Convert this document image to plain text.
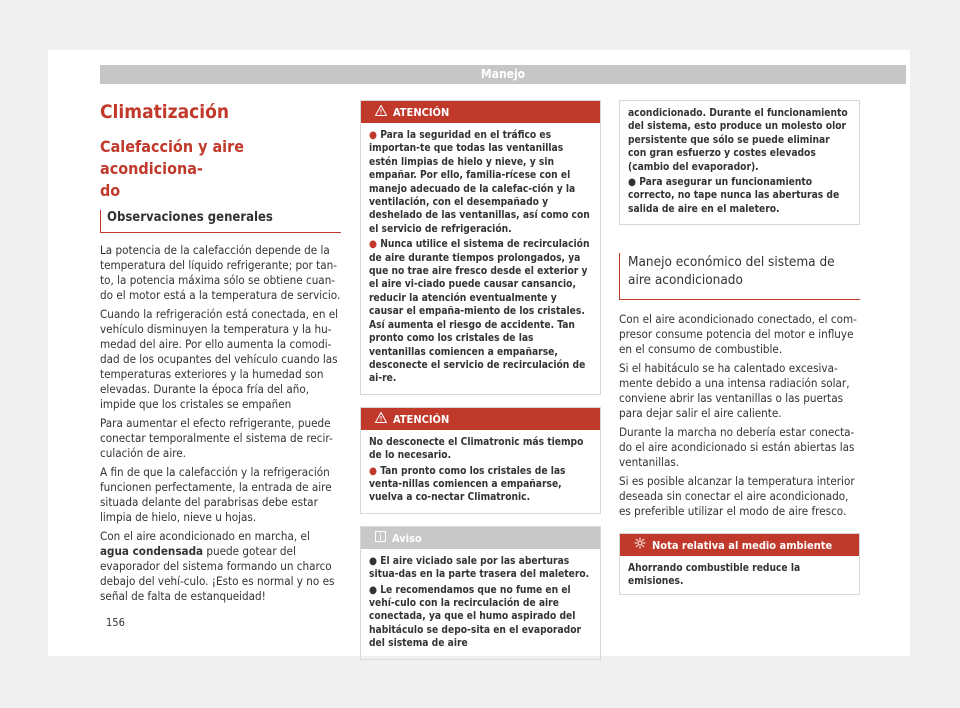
Manejo
Climatización
Calefacción y aire acondiciona-
do
Observaciones generales

La potencia de la calefacción depende de la temperatura del líquido refrigerante; por tan-to, la potencia máxima sólo se obtiene cuan-do el motor está a la temperatura de servicio.

Cuando la refrigeración está conectada, en el vehículo disminuyen la temperatura y la hu-medad del aire. Por ello aumenta la comodi-dad de los ocupantes del vehículo cuando las temperaturas exteriores y la humedad son elevadas. Durante la época fría del año, impide que los cristales se empañen

Para aumentar el efecto refrigerante, puede conectar temporalmente el sistema de recir-culación de aire.

A fin de que la calefacción y la refrigeración funcionen perfectamente, la entrada de aire situada delante del parabrisas debe estar limpia de hielo, nieve u hojas.

Con el aire acondicionado en marcha, el agua condensada puede gotear del evaporador del sistema formando un charco debajo del vehí-culo. ¡Esto es normal y no es señal de falta de estanqueidad!

ATENCIÓN

● Para la seguridad en el tráfico es importan-te que todas las ventanillas estén limpias de hielo y nieve, y sin empañar. Por ello, familia-rícese con el manejo adecuado de la calefac-ción y la ventilación, con el desempañado y deshelado de las ventanillas, así como con el servicio de refrigeración.

● Nunca utilice el sistema de recirculación de aire durante tiempos prolongados, ya que no trae aire fresco desde el exterior y el aire vi-ciado puede causar cansancio, reducir la atención eventualmente y causar el empaña-miento de los cristales. Así aumenta el riesgo de accidente. Tan pronto como los cristales de las ventanillas comiencen a empañarse, desconecte el servicio de recirculación de ai-re.

ATENCIÓN

No desconecte el Climatronic más tiempo de lo necesario.

● Tan pronto como los cristales de las venta-nillas comiencen a empañarse, vuelva a co-nectar Climatronic.

Aviso

● El aire viciado sale por las aberturas situa-das en la parte trasera del maletero.

● Le recomendamos que no fume en el vehí-culo con la recirculación de aire conectada, ya que el humo aspirado del habitáculo se depo-sita en el evaporador del sistema de aire

acondicionado. Durante el funcionamiento del sistema, esto produce un molesto olor persistente que sólo se puede eliminar con gran esfuerzo y costes elevados (cambio del evaporador).

● Para asegurar un funcionamiento correcto, no tape nunca las aberturas de salida de aire en el maletero.

Manejo económico del sistema de aire acondicionado

Con el aire acondicionado conectado, el com-presor consume potencia del motor e influye en el consumo de combustible.

Si el habitáculo se ha calentado excesiva-mente debido a una intensa radiación solar, conviene abrir las ventanillas o las puertas para dejar salir el aire caliente.

Durante la marcha no debería estar conecta-do el aire acondicionado si están abiertas las ventanillas.

Si es posible alcanzar la temperatura interior deseada sin conectar el aire acondicionado, es preferible utilizar el modo de aire fresco.

Nota relativa al medio ambiente
Ahorrando combustible reduce la emisiones.
156
